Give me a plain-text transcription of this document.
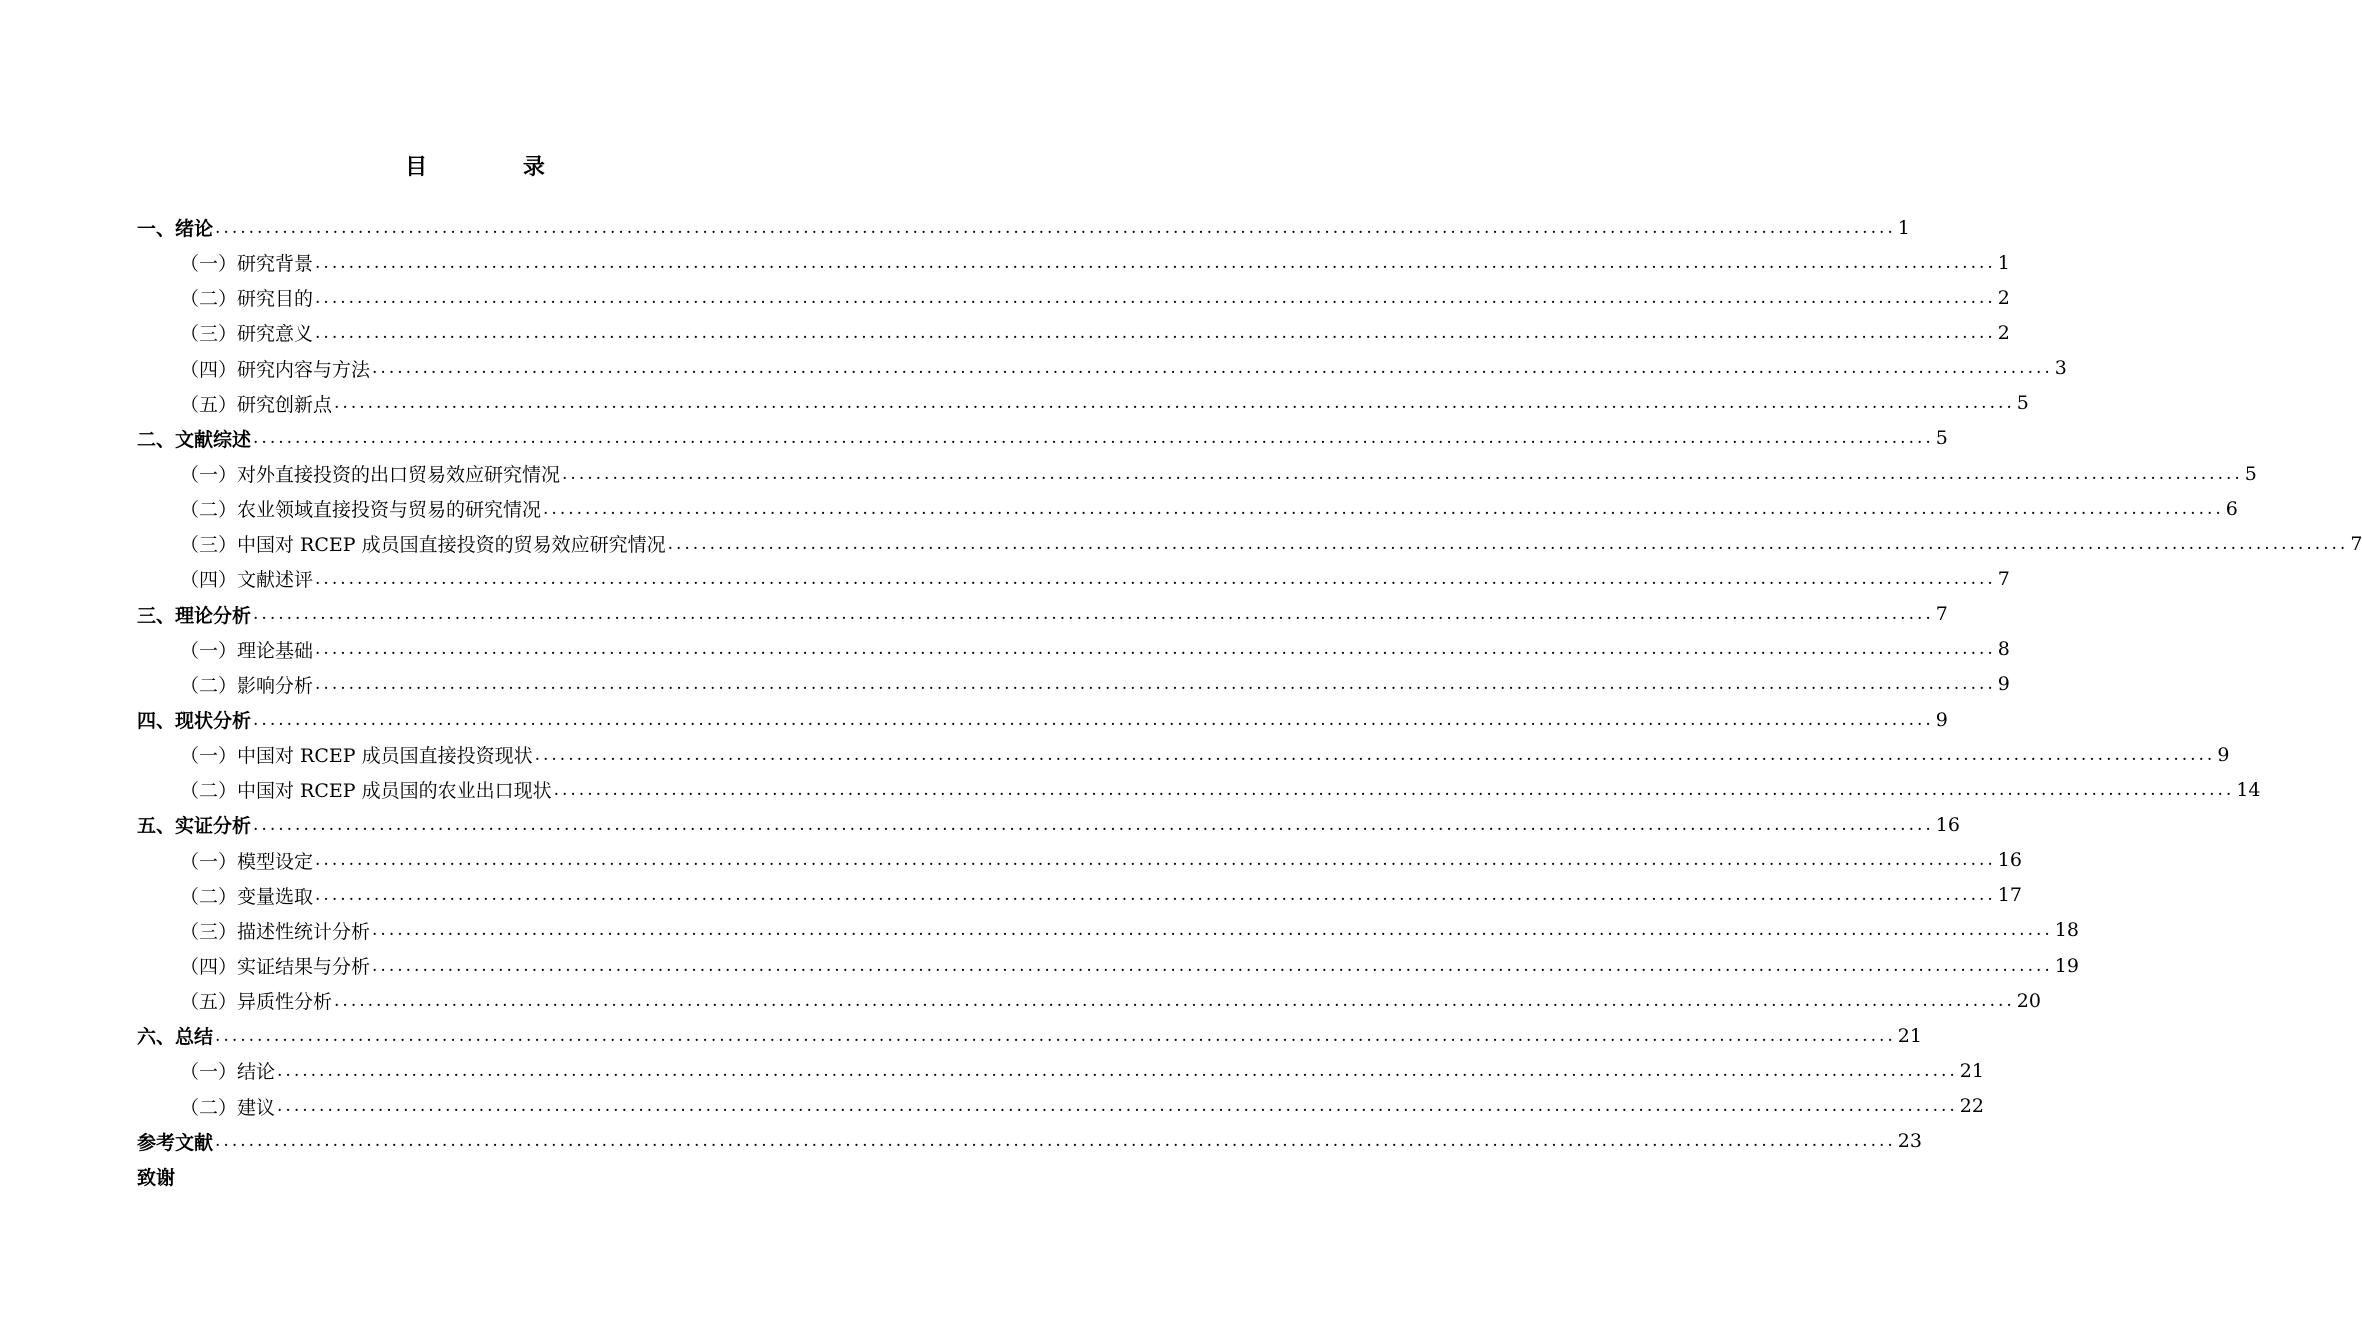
目 录
一、绪论 ........................................................................................................................................................................................................ 1
（一）研究背景 ........................................................................................................................................................................................................ 1
（二）研究目的 ........................................................................................................................................................................................................ 2
（三）研究意义 ........................................................................................................................................................................................................ 2
（四）研究内容与方法 ........................................................................................................................................................................................................ 3
（五）研究创新点 ........................................................................................................................................................................................................ 5
二、文献综述 ........................................................................................................................................................................................................ 5
（一）对外直接投资的出口贸易效应研究情况 ........................................................................................................................................................................................................ 5
（二）农业领域直接投资与贸易的研究情况 ........................................................................................................................................................................................................ 6
（三）中国对 RCEP 成员国直接投资的贸易效应研究情况 ........................................................................................................................................................................................................ 7
（四）文献述评 ........................................................................................................................................................................................................ 7
三、理论分析 ........................................................................................................................................................................................................ 7
（一）理论基础 ........................................................................................................................................................................................................ 8
（二）影响分析 ........................................................................................................................................................................................................ 9
四、现状分析 ........................................................................................................................................................................................................ 9
（一）中国对 RCEP 成员国直接投资现状 ........................................................................................................................................................................................................ 9
（二）中国对 RCEP 成员国的农业出口现状 ........................................................................................................................................................................................................ 14
五、实证分析 ........................................................................................................................................................................................................ 16
（一）模型设定 ........................................................................................................................................................................................................ 16
（二）变量选取 ........................................................................................................................................................................................................ 17
（三）描述性统计分析 ........................................................................................................................................................................................................ 18
（四）实证结果与分析 ........................................................................................................................................................................................................ 19
（五）异质性分析 ........................................................................................................................................................................................................ 20
六、总结 ........................................................................................................................................................................................................ 21
（一）结论 ........................................................................................................................................................................................................ 21
（二）建议 ........................................................................................................................................................................................................ 22
参考文献 ........................................................................................................................................................................................................ 23
致谢
